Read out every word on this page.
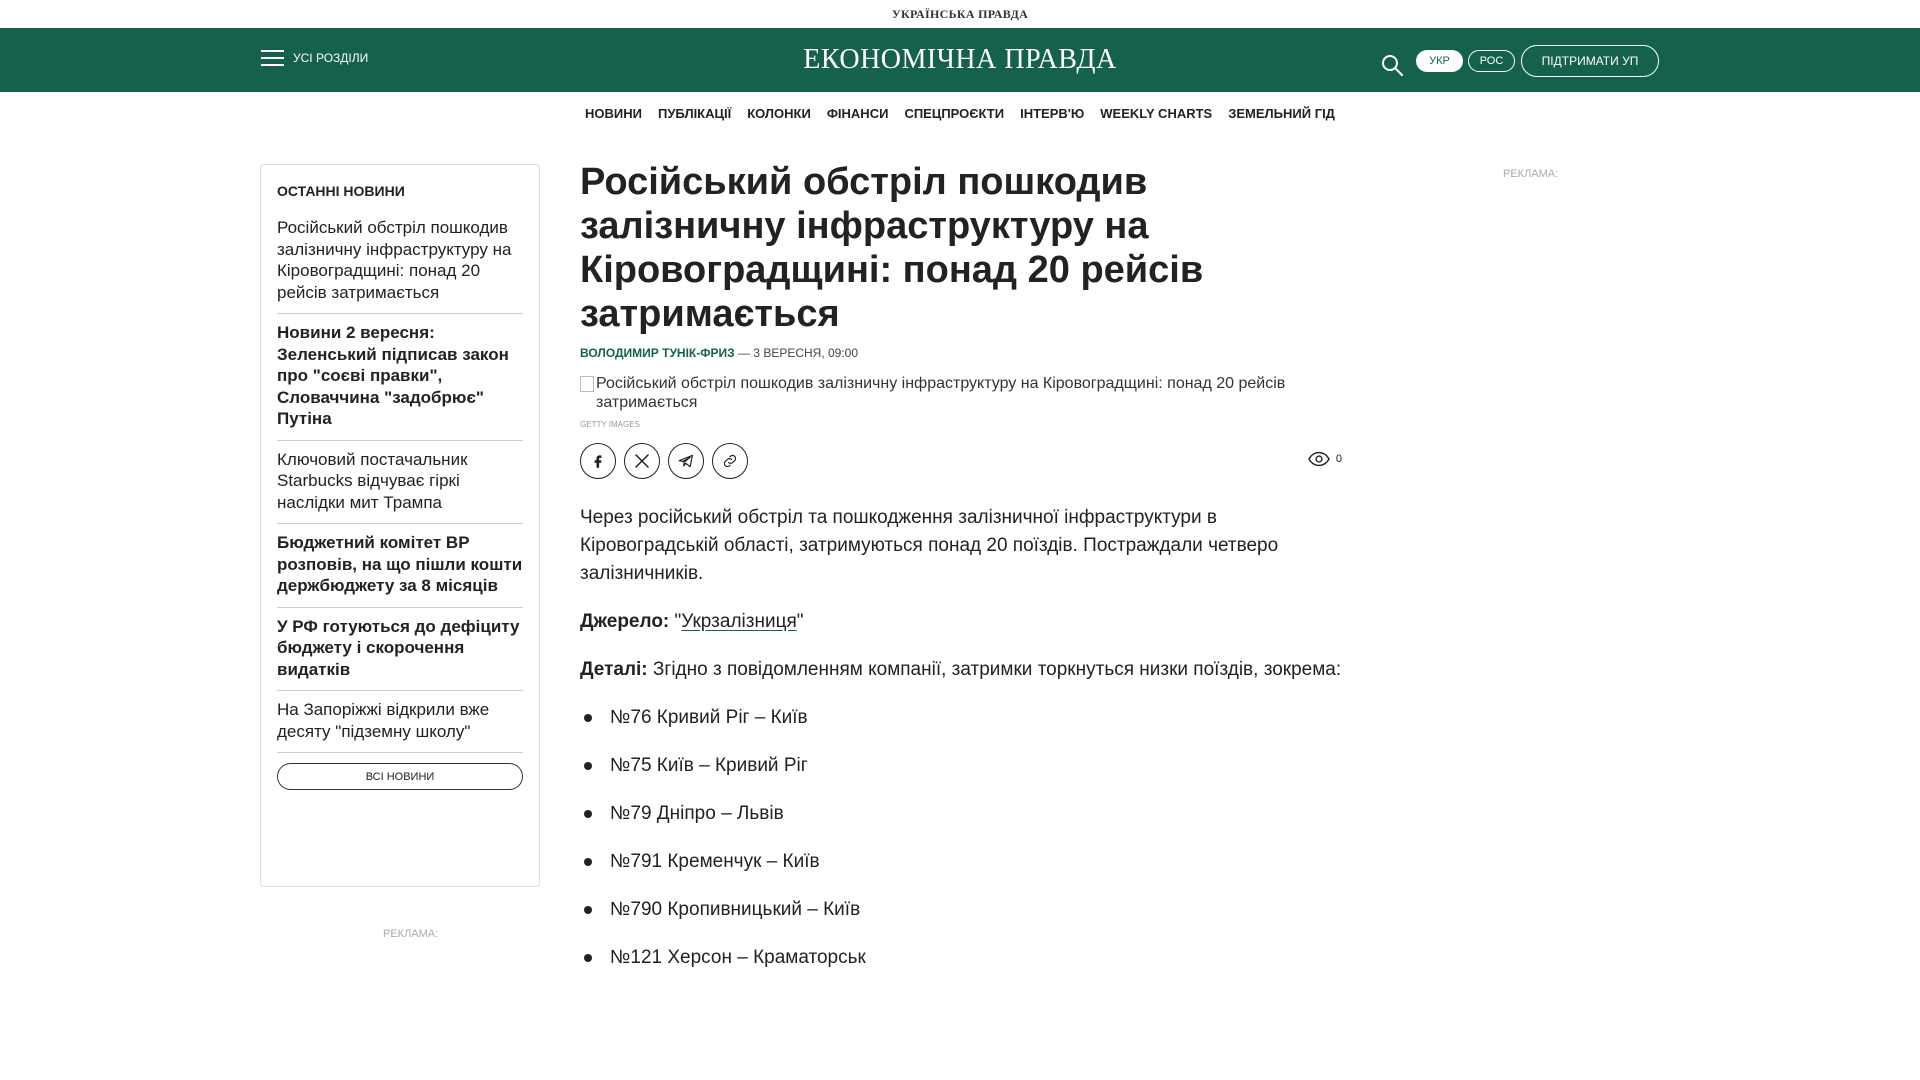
УКРАЇНСЬКА ПРАВДА
УСІ РОЗДІЛИ	ЕКОНОМІЧНА ПРАВДА	УКР	РОС	ПІДТРИМАТИ УП
НОВИНИ ПУБЛІКАЦІЇ КОЛОНКИ ФІНАНСИ СПЕЦПРОЄКТИ ІНТЕРВ'Ю WEEKLY CHARTS ЗЕМЕЛЬНИЙ ГІД
ОСТАННІ НОВИНИ
Російський обстріл пошкодив залізничну інфраструктуру на Кіровоградщині: понад 20 рейсів затримається
Новини 2 вересня: Зеленський підписав закон про "соєві правки", Словаччина "задобрює" Путіна
Ключовий постачальник Starbucks відчуває гіркі наслідки мит Трампа
Бюджетний комітет ВР розповів, на що пішли кошти держбюджету за 8 місяців
У РФ готуються до дефіциту бюджету і скорочення видатків
На Запоріжжі відкрили вже десяту "підземну школу"
ВСІ НОВИНИ
РЕКЛАМА:
РЕКЛАМА:
Російський обстріл пошкодив залізничну інфраструктуру на Кіровоградщині: понад 20 рейсів затримається
ВОЛОДИМИР ТУНІК-ФРИЗ — 3 ВЕРЕСНЯ, 09:00
Російський обстріл пошкодив залізничну інфраструктуру на Кіровоградщині: понад 20 рейсів затримається
GETTY IMAGES
0

Через російський обстріл та пошкодження залізничної інфраструктури в Кіровоградській області, затримуються понад 20 поїздів. Постраждали четверо залізничників.

Джерело: "Укрзалізниця"

Деталі: Згідно з повідомленням компанії, затримки торкнуться низки поїздів, зокрема:

№76 Кривий Ріг – Київ
№75 Київ – Кривий Ріг
№79 Дніпро – Львів
№791 Кременчук – Київ
№790 Кропивницький – Київ
№121 Херсон – Краматорськ
